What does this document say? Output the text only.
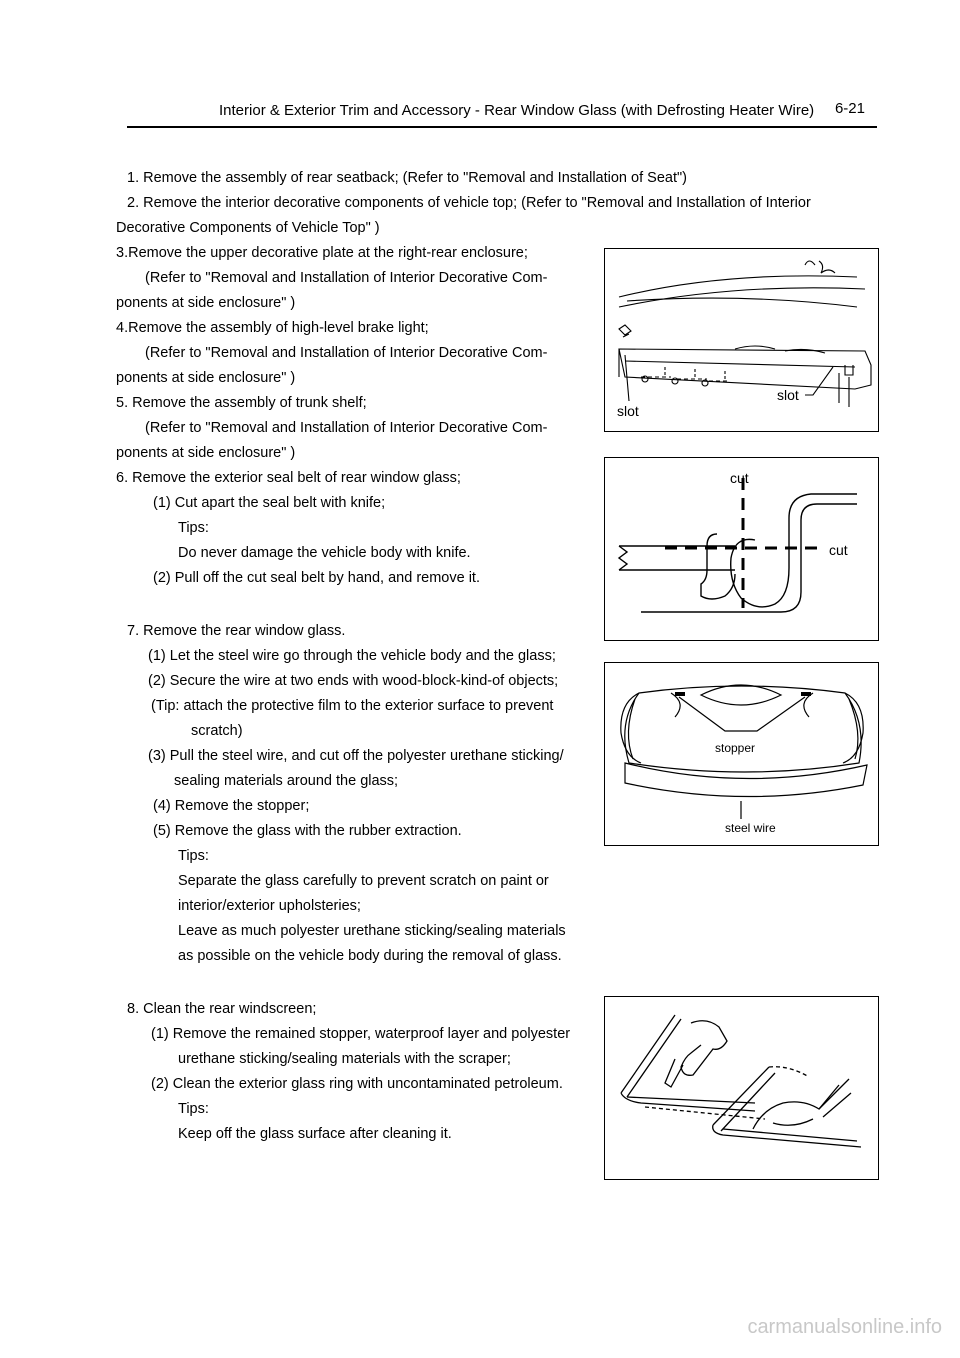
Interior & Exterior Trim and Accessory - Rear Window Glass (with Defrosting Heater Wire) 6-21
1. Remove the assembly of rear seatback; (Refer to "Removal and Installation of Seat")
2. Remove the interior decorative components of vehicle top; (Refer to "Removal and Installation of Interior
Decorative Components of Vehicle Top" )
3.Remove the upper decorative plate at the right-rear enclosure;
(Refer to "Removal and Installation of Interior Decorative Com-
ponents at side enclosure" )
4.Remove the assembly of high-level brake light;
(Refer to "Removal and Installation of Interior Decorative Com-
ponents at side enclosure" )
5. Remove the assembly of trunk shelf;
(Refer to "Removal and Installation of Interior Decorative Com-
ponents at side enclosure" )
6. Remove the exterior seal belt of rear window glass;
(1) Cut apart the seal belt with knife;
Tips:
Do never damage the vehicle body with knife.
(2) Pull off the cut seal belt by hand, and remove it.
7. Remove the rear window glass.
(1) Let the steel wire go through the vehicle body and the glass;
(2) Secure the wire at two ends with wood-block-kind-of objects;
(Tip: attach the protective film to the exterior surface to prevent
scratch)
(3) Pull the steel wire, and cut off the polyester urethane sticking/
sealing materials around the glass;
(4) Remove the stopper;
(5) Remove the glass with the rubber extraction.
Tips:
Separate the glass carefully to prevent scratch on paint or
interior/exterior upholsteries;
Leave as much polyester urethane sticking/sealing materials
as possible on the vehicle body during the removal of glass.
8. Clean the rear windscreen;
(1) Remove the remained stopper, waterproof layer and polyester
urethane sticking/sealing materials with the scraper;
(2) Clean the exterior glass ring with uncontaminated petroleum.
Tips:
Keep off the glass surface after cleaning it.
slot
slot
cut
cut
stopper
steel wire
carmanualsonline.info
